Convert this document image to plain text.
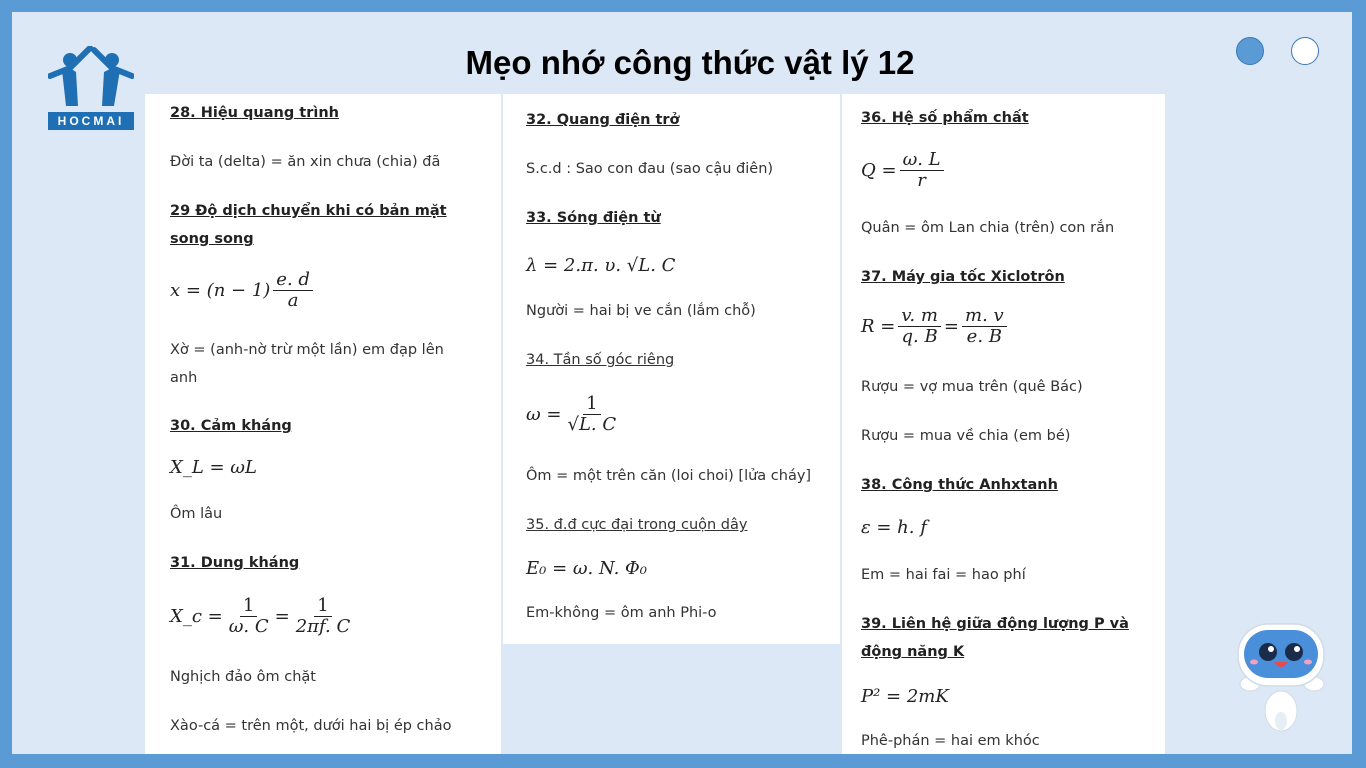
HOCMAI
Mẹo nhớ công thức vật lý 12
28. Hiệu quang trình
Đời ta (delta) = ăn xin chưa (chia) đã
29 Độ dịch chuyển khi có bản mặt
song song
$x = (n - 1) \frac{e. d}{a}$
Xờ = (anh-nờ trừ một lần) em đạp lên
anh
30. Cảm kháng
X_L = ωL
Ôm lâu
31. Dung kháng
X_c = $\frac{1}{\omega. C} = \frac{1}{2\pi f. C}$
Nghịch đảo ôm chặt
Xào-cá = trên một, dưới hai bị ép chảo
32. Quang điện trở
S.c.d : Sao con đau (sao cậu điên)
33. Sóng điện từ
λ = 2.π. υ. √L. C
Người = hai bị ve cắn (lắm chỗ)
34. Tần số góc riêng
$\omega = \frac{1}{√L. C}$
Ôm = một trên căn (loi choi) [lửa cháy]
35. đ.đ cực đại trong cuộn dây
E₀ = ω. N. Φ₀
Em-không = ôm anh Phi-o
36. Hệ số phẩm chất
$Q = \frac{\omega. L}{r}$
Quân = ôm Lan chia (trên) con rắn
37. Máy gia tốc Xiclotrôn
$R = \frac{v. m}{q. B} = \frac{m. v}{e. B}$
Rượu = vợ mua trên (quê Bác)
Rượu = mua về chia (em bé)
38. Công thức Anhxtanh
ε = h. f
Em = hai fai = hao phí
39. Liên hệ giữa động lượng P và
động năng K
P² = 2mK
Phê-phán = hai em khóc
